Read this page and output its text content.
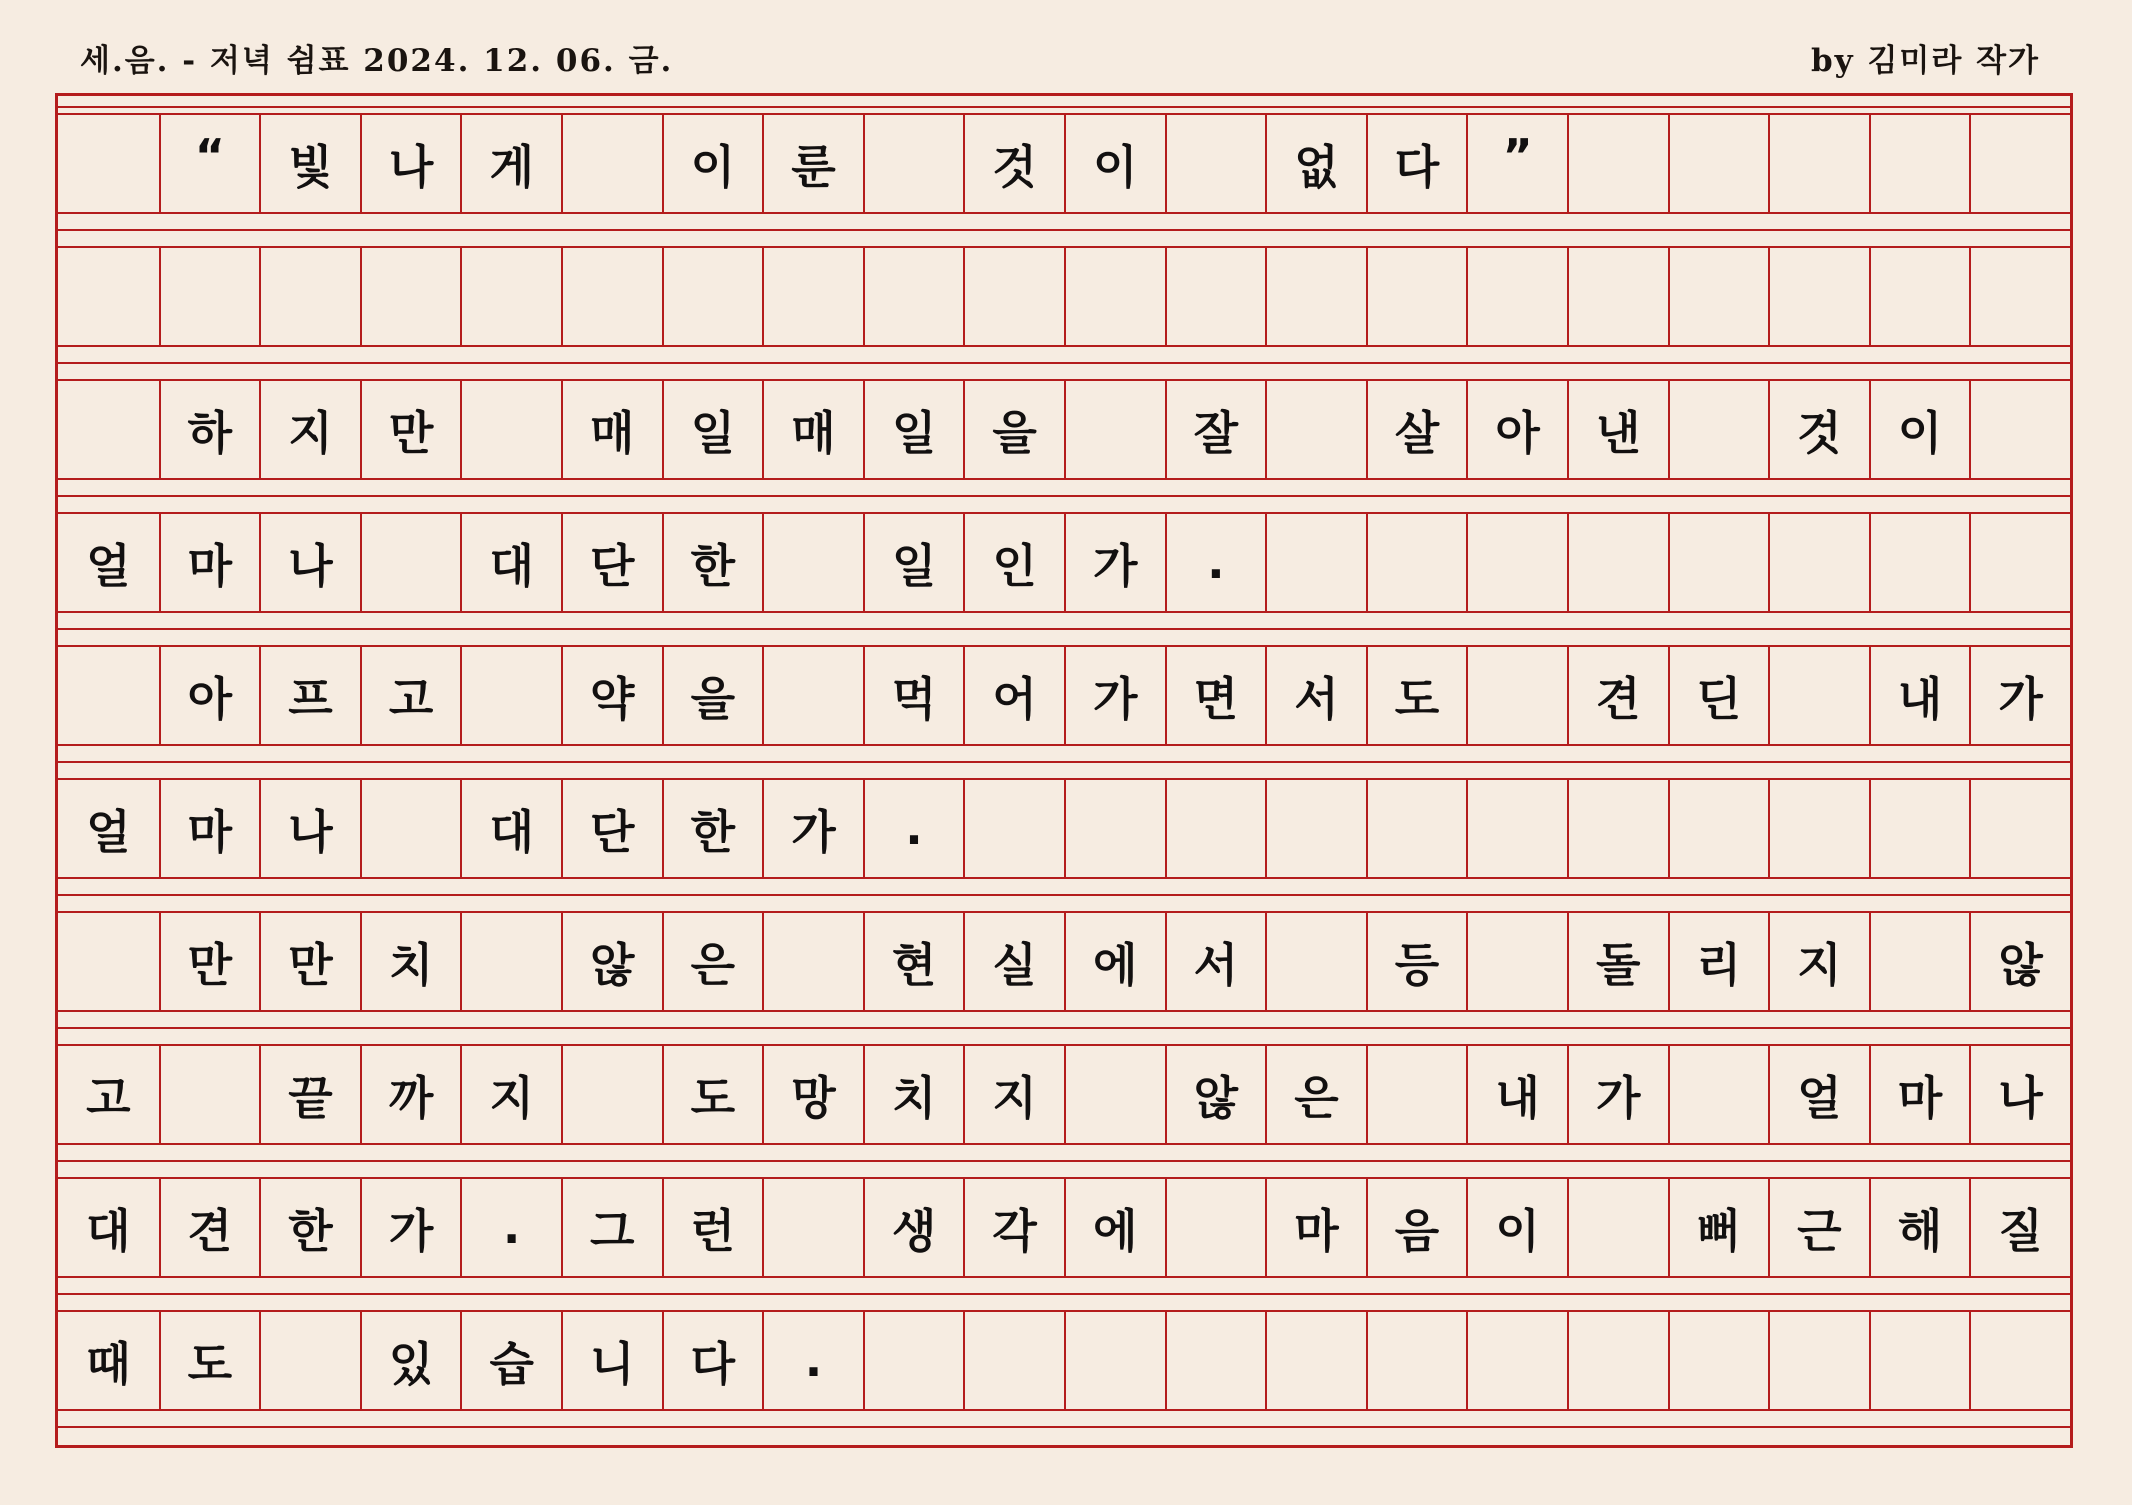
세.음. - 저녁 쉼표 2024. 12. 06. 금.	by 김미라 작가
“	빛	나	게	이	룬	것	이	없	다	”
하	지	만	매	일	매	일	을	잘	살	아	낸	것	이
얼	마	나	대	단	한	일	인	가	.
아	프	고	약	을	먹	어	가	면	서	도	견	딘	내	가
얼	마	나	대	단	한	가	.
만	만	치	않	은	현	실	에	서	등	돌	리	지	않
고	끝	까	지	도	망	치	지	않	은	내	가	얼	마	나
대	견	한	가	.	그	런	생	각	에	마	음	이	뻐	근	해	질
때	도	있	습	니	다	.
